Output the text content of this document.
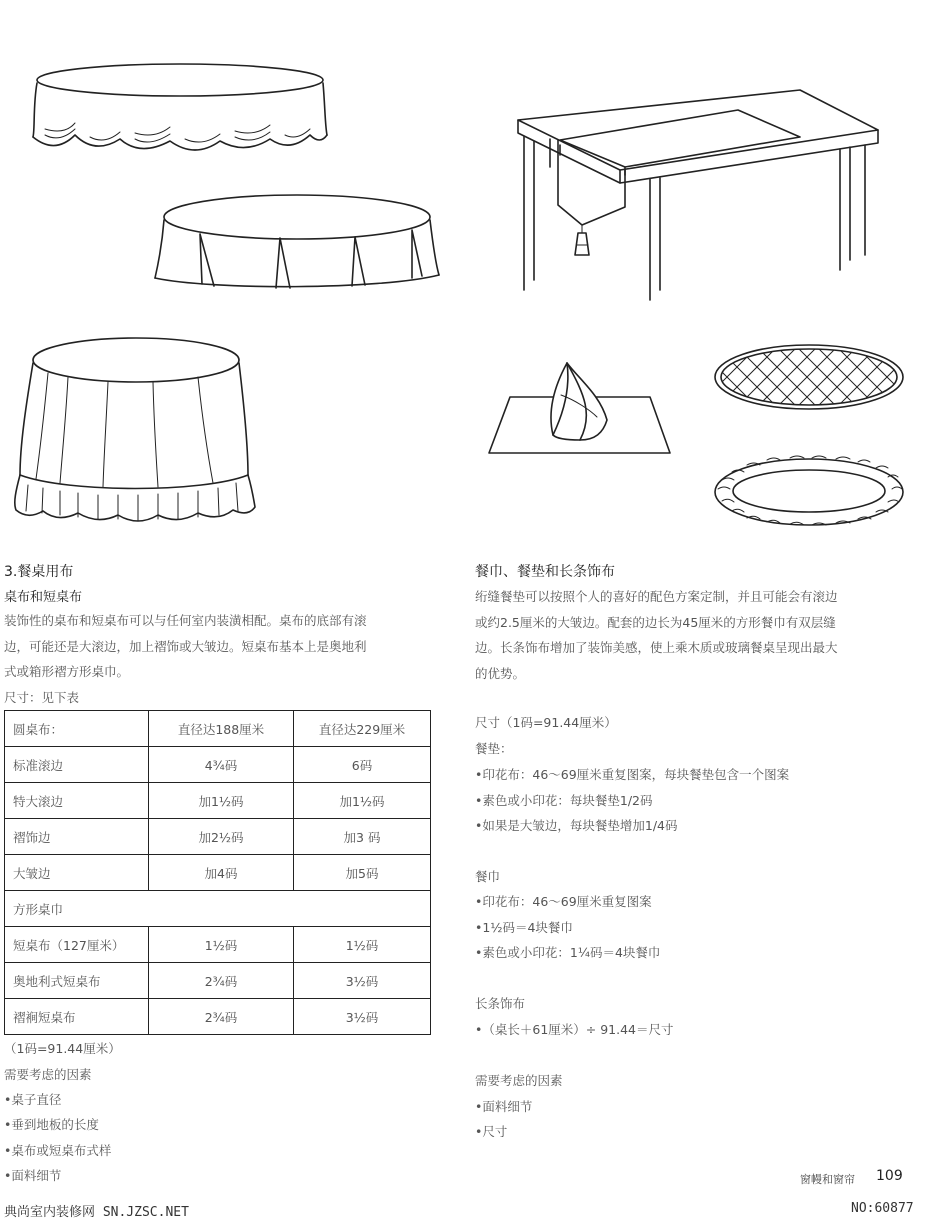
3.餐桌用布
桌布和短桌布
装饰性的桌布和短桌布可以与任何室内装潢相配。桌布的底部有滚
边，可能还是大滚边，加上褶饰或大皱边。短桌布基本上是奥地利
式或箱形褶方形桌巾。
尺寸：见下表
圆桌布：	直径达188厘米	直径达229厘米
标准滚边	4¾码	6码
特大滚边	加1½码	加1½码
褶饰边	加2½码	加3 码
大皱边	加4码	加5码
方形桌巾		
短桌布（127厘米）	1½码	1½码
奥地利式短桌布	2¾码	3½码
褶裥短桌布	2¾码	3½码
（1码=91.44厘米）
需要考虑的因素
•桌子直径
•垂到地板的长度
•桌布或短桌布式样
•面料细节
餐巾、餐垫和长条饰布
绗缝餐垫可以按照个人的喜好的配色方案定制，并且可能会有滚边
或约2.5厘米的大皱边。配套的边长为45厘米的方形餐巾有双层缝
边。长条饰布增加了装饰美感，使上乘木质或玻璃餐桌呈现出最大
的优势。
尺寸（1码=91.44厘米）
餐垫：
•印花布：46～69厘米重复图案，每块餐垫包含一个图案
•素色或小印花：每块餐垫1/2码
•如果是大皱边，每块餐垫增加1/4码
餐巾
•印花布：46～69厘米重复图案
•1½码＝4块餐巾
•素色或小印花：1¼码＝4块餐巾
长条饰布
•（桌长＋61厘米）÷ 91.44＝尺寸
需要考虑的因素
•面料细节
•尺寸
窗幔和窗帘 109
典尚室内装修网 SN.JZSC.NET	NO:60877
